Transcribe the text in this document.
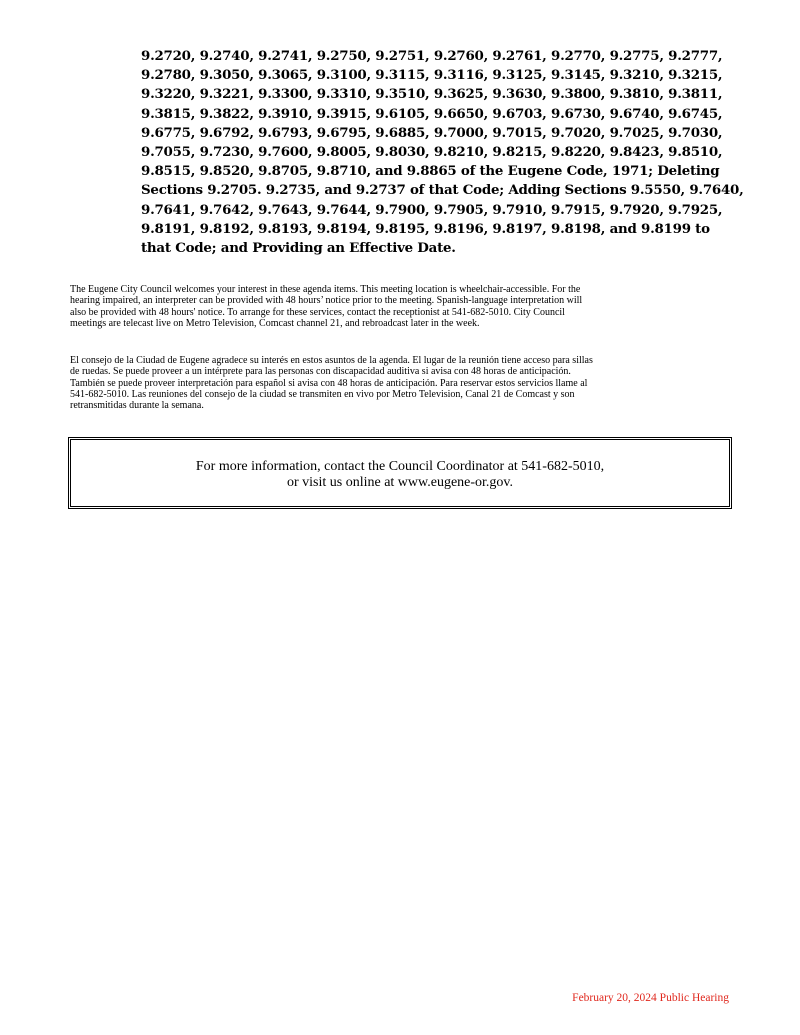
9.2720, 9.2740, 9.2741, 9.2750, 9.2751, 9.2760, 9.2761, 9.2770, 9.2775, 9.2777,
9.2780, 9.3050, 9.3065, 9.3100, 9.3115, 9.3116, 9.3125, 9.3145, 9.3210, 9.3215,
9.3220, 9.3221, 9.3300, 9.3310, 9.3510, 9.3625, 9.3630, 9.3800, 9.3810, 9.3811,
9.3815, 9.3822, 9.3910, 9.3915, 9.6105, 9.6650, 9.6703, 9.6730, 9.6740, 9.6745,
9.6775, 9.6792, 9.6793, 9.6795, 9.6885, 9.7000, 9.7015, 9.7020, 9.7025, 9.7030,
9.7055, 9.7230, 9.7600, 9.8005, 9.8030, 9.8210, 9.8215, 9.8220, 9.8423, 9.8510,
9.8515, 9.8520, 9.8705, 9.8710, and 9.8865 of the Eugene Code, 1971; Deleting
Sections 9.2705. 9.2735, and 9.2737 of that Code; Adding Sections 9.5550, 9.7640,
9.7641, 9.7642, 9.7643, 9.7644, 9.7900, 9.7905, 9.7910, 9.7915, 9.7920, 9.7925,
9.8191, 9.8192, 9.8193, 9.8194, 9.8195, 9.8196, 9.8197, 9.8198, and 9.8199 to
that Code; and Providing an Effective Date.
The Eugene City Council welcomes your interest in these agenda items. This meeting location is wheelchair-accessible. For the
hearing impaired, an interpreter can be provided with 48 hours’ notice prior to the meeting. Spanish-language interpretation will
also be provided with 48 hours' notice. To arrange for these services, contact the receptionist at 541-682-5010. City Council
meetings are telecast live on Metro Television, Comcast channel 21, and rebroadcast later in the week.
El consejo de la Ciudad de Eugene agradece su interés en estos asuntos de la agenda. El lugar de la reunión tiene acceso para sillas
de ruedas. Se puede proveer a un intérprete para las personas con discapacidad auditiva si avisa con 48 horas de anticipación.
También se puede proveer interpretación para español si avisa con 48 horas de anticipación. Para reservar estos servicios llame al
541-682-5010. Las reuniones del consejo de la ciudad se transmiten en vivo por Metro Television, Canal 21 de Comcast y son
retransmitidas durante la semana.
For more information, contact the Council Coordinator at 541-682-5010,
or visit us online at www.eugene-or.gov.
February 20, 2024 Public Hearing
